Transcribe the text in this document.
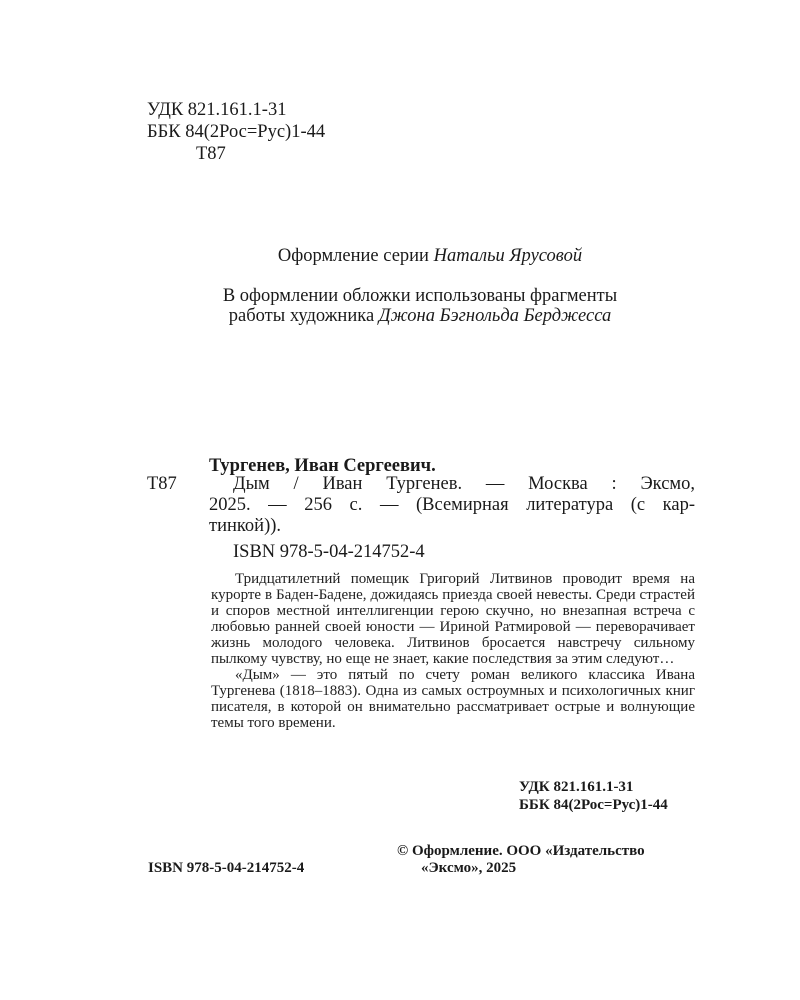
УДК 821.161.1-31
ББК 84(2Рос=Рус)1-44
Т87
Оформление серии Натальи Ярусовой
В оформлении обложки использованы фрагменты
работы художника Джона Бэгнольда Берджесса
Тургенев, Иван Сергеевич.
Т87	Дым / Иван Тургенев. — Москва : Эксмо,
2025. — 256 с. — (Всемирная литература (с кар-
тинкой)).
ISBN 978-5-04-214752-4

Тридцатилетний помещик Григорий Литвинов проводит время на курорте в Баден-Бадене, дожидаясь приезда своей невесты. Среди страстей и споров местной интеллигенции герою скучно, но внезапная встреча с любовью ранней своей юности — Ириной Ратмировой — переворачивает жизнь молодого человека. Литвинов бросается навстречу сильному пылкому чувству, но еще не знает, какие последствия за этим следуют…

«Дым» — это пятый по счету роман великого классика Ивана Тургенева (1818–1883). Одна из самых остроумных и психологичных книг писателя, в которой он внимательно рассматривает острые и волнующие темы того времени.

УДК 821.161.1-31
ББК 84(2Рос=Рус)1-44
© Оформление. ООО «Издательство
ISBN 978-5-04-214752-4	«Эксмо», 2025
